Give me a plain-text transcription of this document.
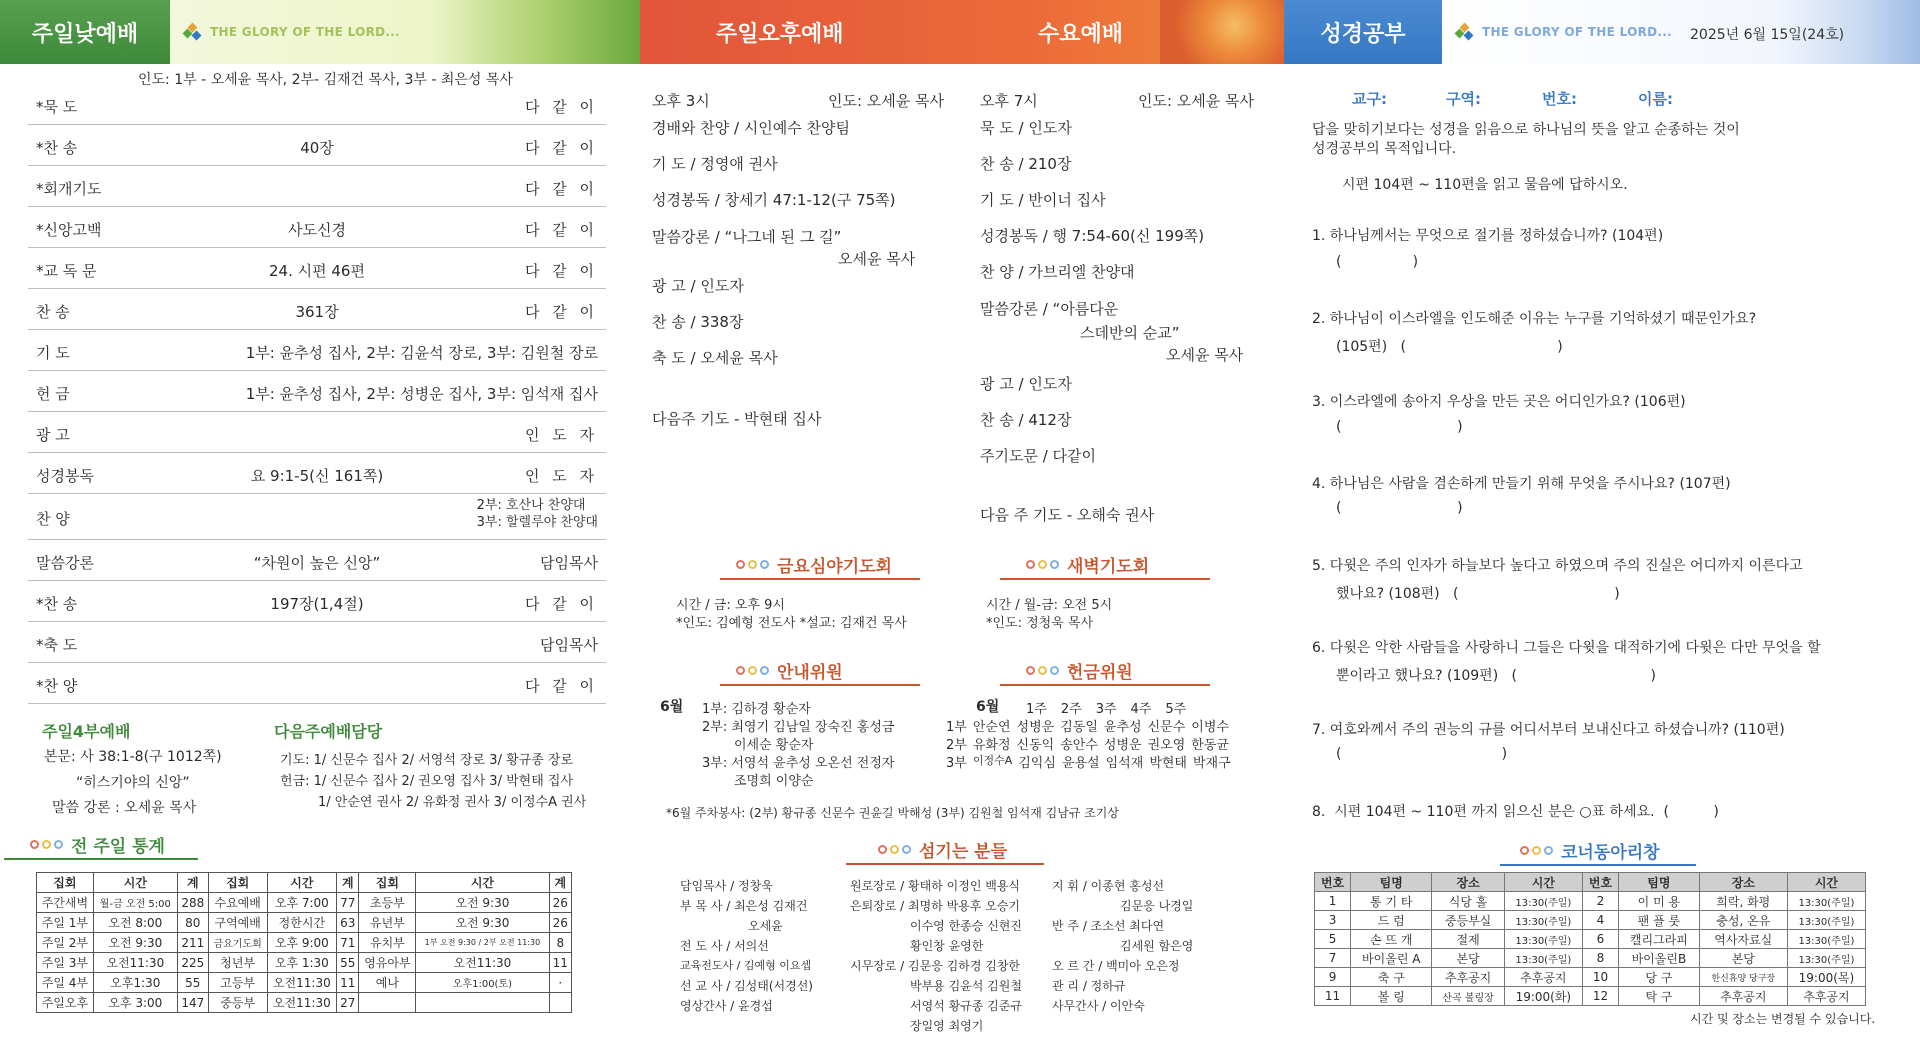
주일낮예배	THE GLORY OF THE LORD...	주일오후예배	수요예배	성경공부	THE GLORY OF THE LORD... 2025년 6월 15일(24호)
인도: 1부 - 오세윤 목사, 2부- 김재건 목사, 3부 - 최은성 목사
*묵 도	다 같 이
*찬 송	40장	다 같 이
*회개기도	다 같 이
*신앙고백	사도신경	다 같 이
*교 독 문	24. 시편 46편	다 같 이
찬 송	361장	다 같 이
기 도	1부: 윤추성 집사, 2부: 김윤석 장로, 3부: 김원철 장로
헌 금	1부: 윤추성 집사, 2부: 성병운 집사, 3부: 임석재 집사
광 고	인 도 자
성경봉독	요 9:1-5(신 161쪽)	인 도 자
찬 양
2부: 호산나 찬양대
3부: 할렐루야 찬양대
말씀강론	“차원이 높은 신앙”	담임목사
*찬 송	197장(1,4절)	다 같 이
*축 도	담임목사
*찬 양	다 같 이
주일4부예배
본문: 사 38:1-8(구 1012쪽)
“히스기야의 신앙”
말씀 강론 : 오세윤 목사
다음주예배담당
기도: 1/ 신문수 집사 2/ 서영석 장로 3/ 황규종 장로
헌금: 1/ 신문수 집사 2/ 권오영 집사 3/ 박현태 집사
1/ 안순연 권사 2/ 유화정 권사 3/ 이정수A 권사
전 주일 통계
집회	시간	계	집회	시간	계	집회	시간	계
주간새벽	월-금 오전 5:00	288	수요예배	오후 7:00	77	초등부	오전 9:30	26
주일 1부	오전 8:00	80	구역예배	정한시간	63	유년부	오전 9:30	26
주일 2부	오전 9:30	211	금요기도회	오후 9:00	71	유치부	1부 오전 9:30 / 2부 오전 11:30	8
주일 3부	오전11:30	225	청년부	오후 1:30	55	영유아부	오전11:30	11
주일 4부	오후1:30	55	고등부	오전11:30	11	예나	오후1:00(토)	·
주일오후	오후 3:00	147	중등부	오전11:30	27			
오후 3시	인도: 오세윤 목사
경배와 찬양 / 시인예수 찬양팀
기 도 / 정영애 권사
성경봉독 / 창세기 47:1-12(구 75쪽)
말씀강론 / “나그네 된 그 길”
오세윤 목사
광 고 / 인도자
찬 송 / 338장
축 도 / 오세윤 목사
다음주 기도 - 박현태 집사
오후 7시	인도: 오세윤 목사
묵 도 / 인도자
찬 송 / 210장
기 도 / 반이너 집사
성경봉독 / 행 7:54-60(신 199쪽)
찬 양 / 가브리엘 찬양대
말씀강론 / “아름다운
스데반의 순교”
오세윤 목사
광 고 / 인도자
찬 송 / 412장
주기도문 / 다같이
다음 주 기도 - 오해숙 권사
금요심야기도회
시간 / 금: 오후 9시
*인도: 김예형 전도사 *설교: 김재건 목사
새벽기도회
시간 / 월-금: 오전 5시
*인도: 정청욱 목사
안내위원
6월 1부: 김하경 황순자
2부: 최영기 김남일 장숙진 홍성금
이세순 황순자
3부: 서영석 윤추성 오온선 전정자
조명희 이양순
헌금위원
6월 1주 2주 3주 4주 5주
1부 안순연 성병운 김동일 윤추성 신문수 이병수
2부 유화정 신동익 송안수 성병운 권오영 한동균
3부 이정수A 김익심 윤용설 임석재 박현태 박재구
*6월 주차봉사: (2부) 황규종 신문수 권윤길 박해성 (3부) 김원철 임석재 김남규 조기상
섬기는 분들
담임목사 / 정창욱
부 목 사 / 최은성 김재건
오세윤
전 도 사 / 서의선
교육전도사 / 김예형 이요셉
선 교 사 / 김성태(서경선)
영상간사 / 윤경섭
원로장로 / 황태하 이정인 백용식
은퇴장로 / 최명하 박용후 오승기
이수영 한종승 신현진
황인창 윤영한
시무장로 / 김문응 김하경 김창한
박부용 김윤석 김원철
서영석 황규종 김준규
장일영 최영기
지 휘 / 이종현 홍성선
김문응 나경일
반 주 / 조소선 최다연
김세원 함은영
오 르 간 / 백미아 오은정
관 리 / 정하규
사무간사 / 이안숙
교구:	구역:	번호:	이름:
답을 맞히기보다는 성경을 읽음으로 하나님의 뜻을 알고 순종하는 것이
성경공부의 목적입니다.
시편 104편 ~ 110편을 읽고 물음에 답하시오.
1. 하나님께서는 무엇으로 절기를 정하셨습니까? (104편)
(                )
2. 하나님이 이스라엘을 인도해준 이유는 누구를 기억하셨기 때문인가요?
(105편)   (                                  )
3. 이스라엘에 송아지 우상을 만든 곳은 어디인가요? (106편)
(                          )
4. 하나님은 사람을 겸손하게 만들기 위해 무엇을 주시나요? (107편)
(                          )
5. 다윗은 주의 인자가 하늘보다 높다고 하였으며 주의 진실은 어디까지 이른다고
했나요? (108편)   (                                   )
6. 다윗은 악한 사람들을 사랑하니 그들은 다윗을 대적하기에 다윗은 다만 무엇을 할
뿐이라고 했나요? (109편)   (                              )
7. 여호와께서 주의 권능의 규를 어디서부터 보내신다고 하셨습니까? (110편)
(                                    )
8.  시편 104편 ~ 110편 까지 읽으신 분은 ○표 하세요.  (          )
코너동아리창
번호	팀명	장소	시간	번호	팀명	장소	시간
1	통 기 타	식당 홀	13:30(주일)	2	이 미 용	희락, 화평	13:30(주일)
3	드 럼	중등부실	13:30(주일)	4	팬 플 룻	충성, 온유	13:30(주일)
5	손 뜨 개	절제	13:30(주일)	6	캘리그라피	역사자료실	13:30(주일)
7	바이올린 A	본당	13:30(주일)	8	바이올린B	본당	13:30(주일)
9	축 구	추후공지	추후공지	10	당 구	한신휴양 당구장	19:00(목)
11	볼 링	산곡 볼링장	19:00(화)	12	탁 구	추후공지	추후공지
시간 및 장소는 변경될 수 있습니다.
